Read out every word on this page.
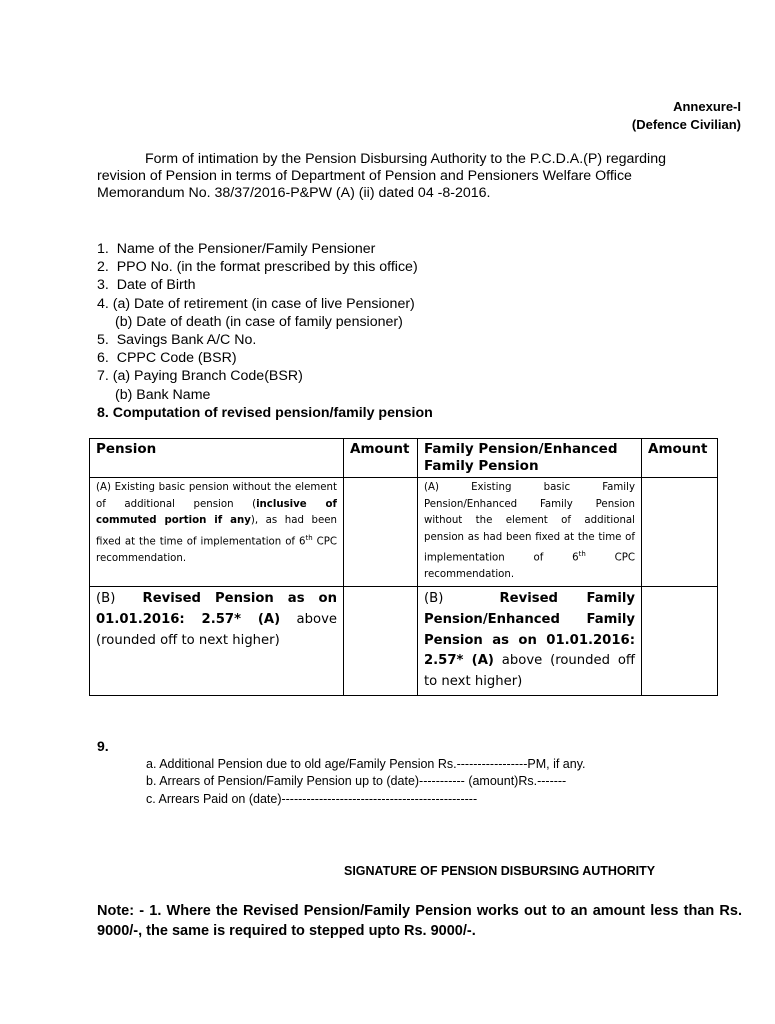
Annexure-I
(Defence Civilian)
Form of intimation by the Pension Disbursing Authority to the P.C.D.A.(P) regarding
revision of Pension in terms of Department of Pension and Pensioners Welfare Office
Memorandum No. 38/37/2016-P&PW (A) (ii) dated 04 -8-2016.
1.  Name of the Pensioner/Family Pensioner
2.  PPO No. (in the format prescribed by this office)
3.  Date of Birth
4. (a) Date of retirement (in case of live Pensioner)
(b) Date of death (in case of family pensioner)
5.  Savings Bank A/C No.
6.  CPPC Code (BSR)
7. (a) Paying Branch Code(BSR)
(b) Bank Name
8. Computation of revised pension/family pension
Pension	Amount	Family Pension/Enhanced Family Pension	Amount
(A) Existing basic pension without the element of additional pension (inclusive of commuted portion if any), as had been fixed at the time of implementation of 6th CPC recommendation.		(A) Existing basic Family Pension/Enhanced Family Pension without the element of additional pension as had been fixed at the time of implementation of 6th CPC recommendation.	
(B) Revised Pension as on 01.01.2016: 2.57* (A) above (rounded off to next higher)		(B) Revised Family Pension/Enhanced Family Pension as on 01.01.2016: 2.57* (A) above (rounded off to next higher)	
9.
a. Additional Pension due to old age/Family Pension Rs.-----------------PM, if any.
b. Arrears of Pension/Family Pension up to (date)----------- (amount)Rs.-------
c. Arrears Paid on (date)-----------------------------------------------
SIGNATURE OF PENSION DISBURSING AUTHORITY
Note: - 1. Where the Revised Pension/Family Pension works out to an amount less than Rs. 9000/-, the same is required to stepped upto Rs. 9000/-.
